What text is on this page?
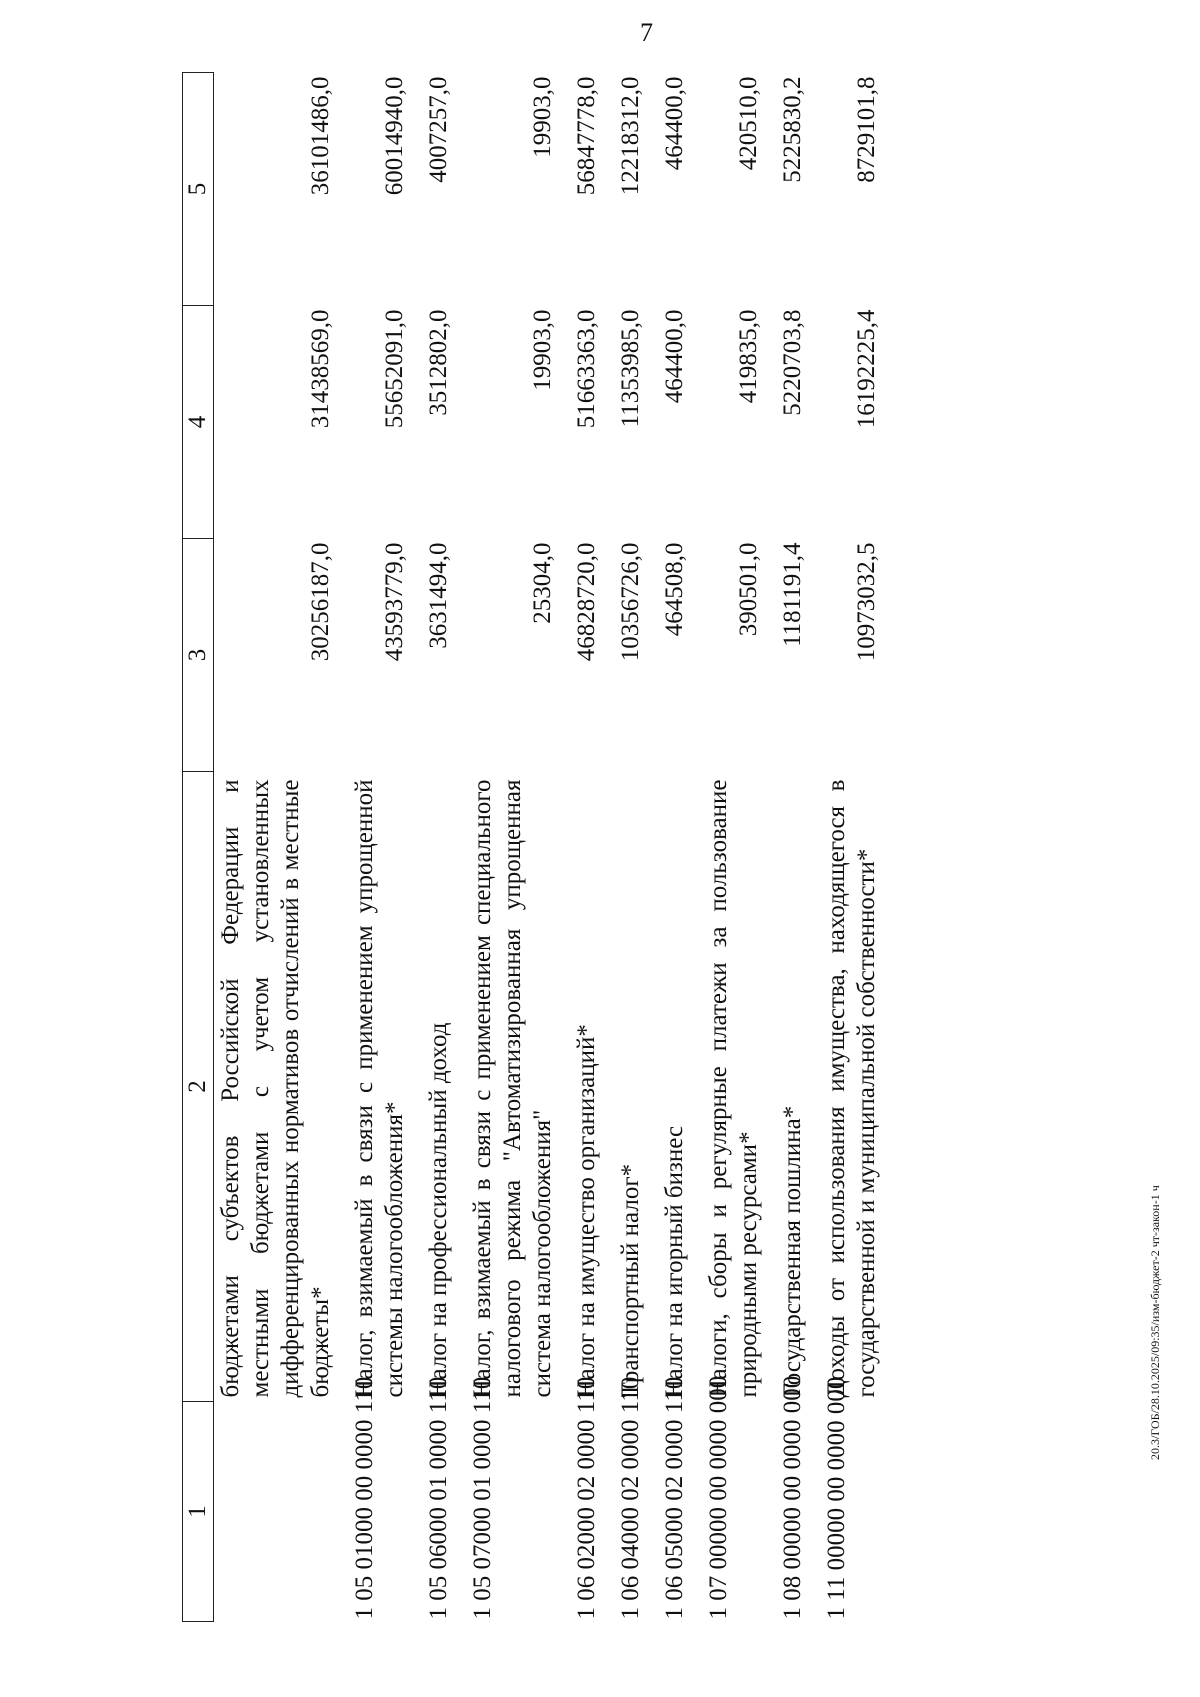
7
20.3/ГОБ/28.10.2025/09:35/изм-бюджет-2 чт-закон-1 ч
1	2	3	4	5
	бюджетами субъектов Российской Федерации и местными бюджетами с учетом установленных дифференцированных нормативов отчислений в местные бюджеты*	30256187,0	31438569,0	36101486,0
1 05 01000 00 0000 110	Налог, взимаемый в связи с применением упрощенной системы налогообложения*	43593779,0	55652091,0	60014940,0
1 05 06000 01 0000 110	Налог на профессиональный доход	3631494,0	3512802,0	4007257,0
1 05 07000 01 0000 110	Налог, взимаемый в связи с применением специального налогового режима "Автоматизированная упрощенная система налогообложения"	25304,0	19903,0	19903,0
1 06 02000 02 0000 110	Налог на имущество организаций*	46828720,0	51663363,0	56847778,0
1 06 04000 02 0000 110	Транспортный налог*	10356726,0	11353985,0	12218312,0
1 06 05000 02 0000 110	Налог на игорный бизнес	464508,0	464400,0	464400,0
1 07 00000 00 0000 000	Налоги, сборы и регулярные платежи за пользование природными ресурсами*	390501,0	419835,0	420510,0
1 08 00000 00 0000 000	Государственная пошлина*	1181191,4	5220703,8	5225830,2
1 11 00000 00 0000 000	Доходы от использования имущества, находящегося в государственной и муниципальной собственности*	10973032,5	16192225,4	8729101,8
